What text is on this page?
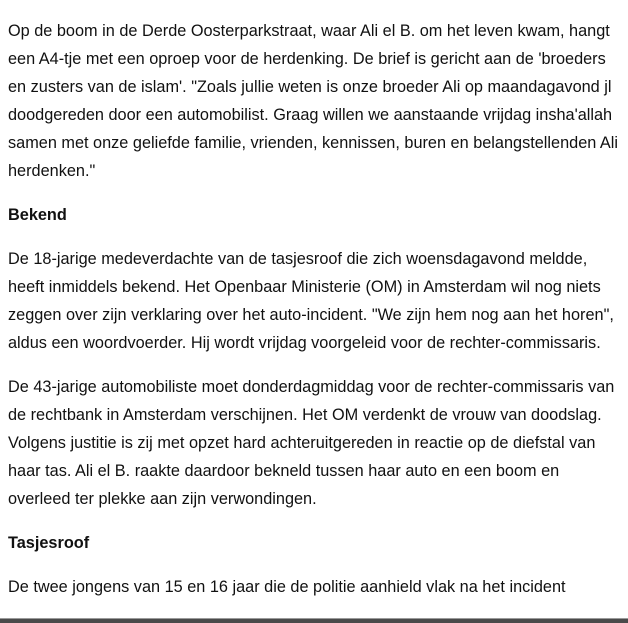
Op de boom in de Derde Oosterparkstraat, waar Ali el B. om het leven kwam, hangt een A4-tje met een oproep voor de herdenking. De brief is gericht aan de 'broeders en zusters van de islam'. "Zoals jullie weten is onze broeder Ali op maandagavond jl doodgereden door een automobilist. Graag willen we aanstaande vrijdag insha'allah samen met onze geliefde familie, vrienden, kennissen, buren en belangstellenden Ali herdenken."

Bekend

De 18-jarige medeverdachte van de tasjesroof die zich woensdagavond meldde, heeft inmiddels bekend. Het Openbaar Ministerie (OM) in Amsterdam wil nog niets zeggen over zijn verklaring over het auto-incident. "We zijn hem nog aan het horen", aldus een woordvoerder. Hij wordt vrijdag voorgeleid voor de rechter-commissaris.

De 43-jarige automobiliste moet donderdagmiddag voor de rechter-commissaris van de rechtbank in Amsterdam verschijnen. Het OM verdenkt de vrouw van doodslag. Volgens justitie is zij met opzet hard achteruitgereden in reactie op de diefstal van haar tas. Ali el B. raakte daardoor bekneld tussen haar auto en een boom en overleed ter plekke aan zijn verwondingen.

Tasjesroof

De twee jongens van 15 en 16 jaar die de politie aanhield vlak na het incident
